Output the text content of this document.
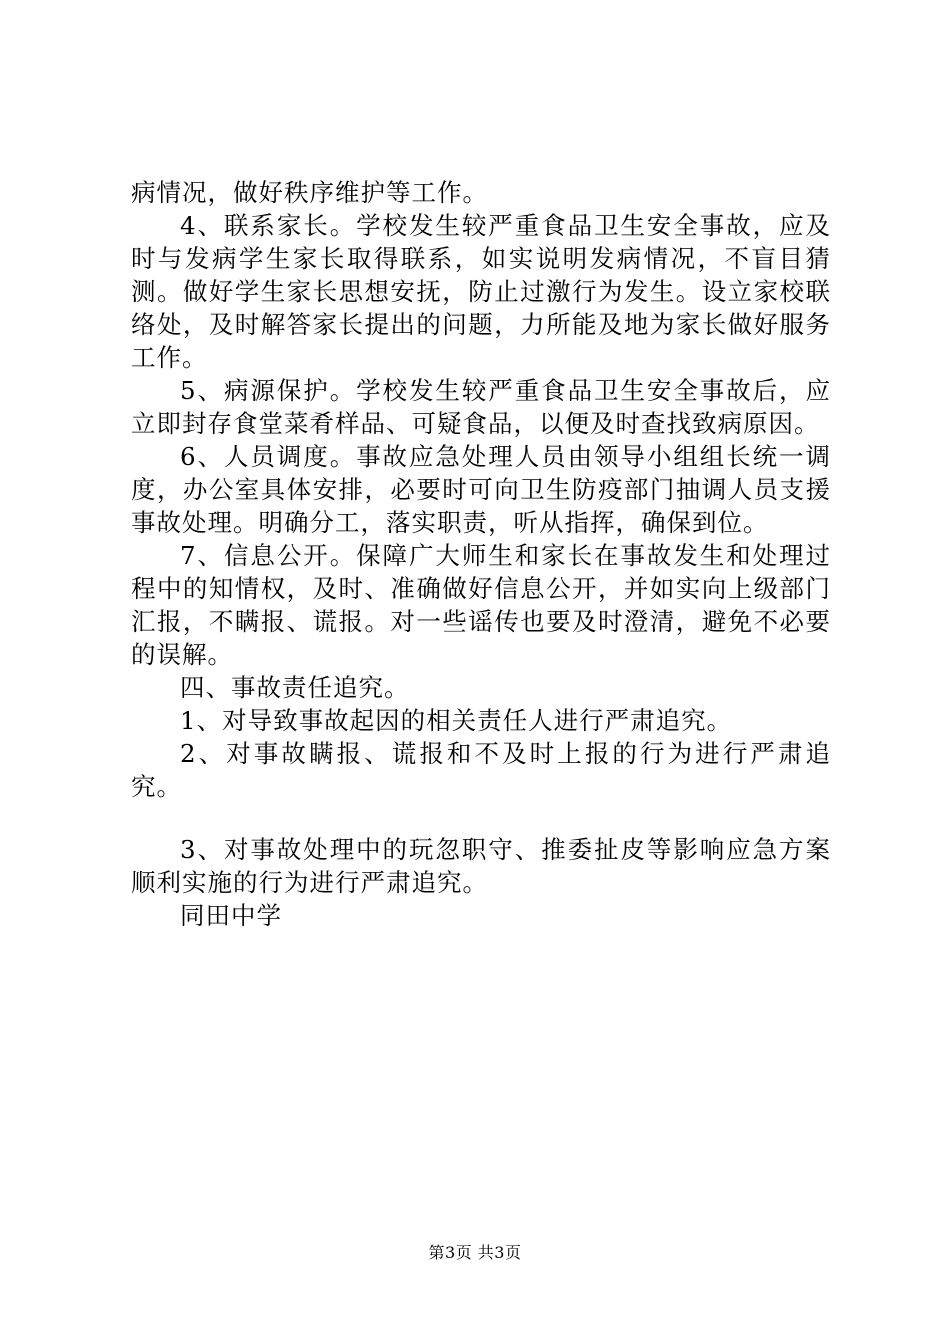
病情况，做好秩序维护等工作。

4、联系家长。学校发生较严重食品卫生安全事故，应及时与发病学生家长取得联系，如实说明发病情况，不盲目猜测。做好学生家长思想安抚，防止过激行为发生。设立家校联络处，及时解答家长提出的问题，力所能及地为家长做好服务工作。

5、病源保护。学校发生较严重食品卫生安全事故后，应立即封存食堂菜肴样品、可疑食品，以便及时查找致病原因。

6、人员调度。事故应急处理人员由领导小组组长统一调度，办公室具体安排，必要时可向卫生防疫部门抽调人员支援事故处理。明确分工，落实职责，听从指挥，确保到位。

7、信息公开。保障广大师生和家长在事故发生和处理过程中的知情权，及时、准确做好信息公开，并如实向上级部门汇报，不瞒报、谎报。对一些谣传也要及时澄清，避免不必要的误解。

四、事故责任追究。

1、对导致事故起因的相关责任人进行严肃追究。

2、对事故瞒报、谎报和不及时上报的行为进行严肃追究。

3、对事故处理中的玩忽职守、推委扯皮等影响应急方案顺利实施的行为进行严肃追究。

同田中学

第3页 共3页
